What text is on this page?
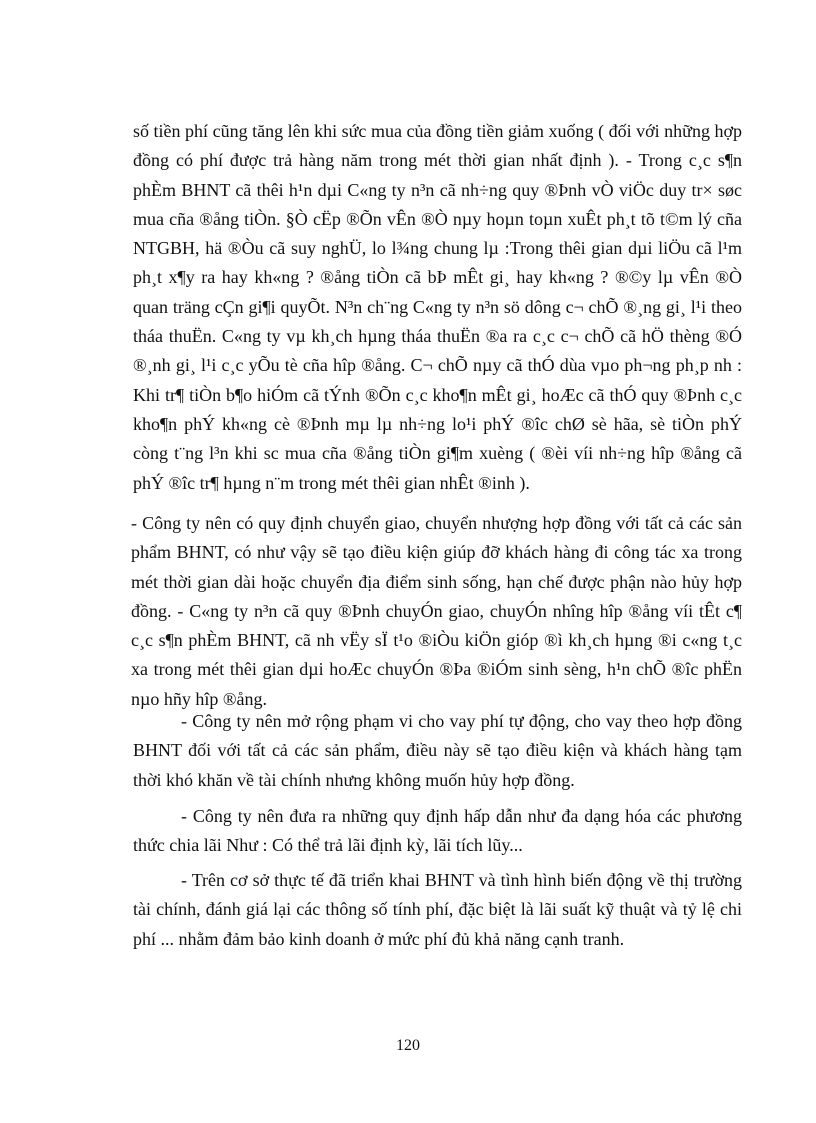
số tiền phí cũng tăng lên khi sức mua của đồng tiền giảm xuống ( đối với những hợp đồng có phí được trả hàng năm trong mét thời gian nhất định ). - Trong c¸c s¶n phÈm BHNT cã thêi h¹n dµi C«ng ty n³n cã nh÷ng quy ®Þnh vÒ viÖc duy tr× søc mua cña ®ång tiÒn. §Ò cËp ®Õn vÊn ®Ò nµy hoµn toµn xuÊt ph¸t tõ t©m lý cña NTGBH, hä ®Òu cã suy nghÜ, lo l¾ng chung lµ :Trong thêi gian dµi liÖu cã l¹m ph¸t x¶y ra hay kh«ng ? ®ång tiÒn cã bÞ mÊt gi¸ hay kh«ng ? ®©y lµ vÊn ®Ò quan träng cÇn gi¶i quyÕt. N³n ch¨ng C«ng ty n³n sö dông c¬ chÕ ®¸ng gi¸ l¹i theo tháa thuËn. C«ng ty vµ kh¸ch hµng tháa thuËn ®a ra c¸c c¬ chÕ cã hÖ thèng ®Ó ®¸nh gi¸ l¹i c¸c yÕu tè cña hîp ®ång. C¬ chÕ nµy cã thÓ dùa vµo ph¬ng ph¸p nh : Khi tr¶ tiÒn b¶o hiÓm cã tÝnh ®Õn c¸c kho¶n mÊt gi¸ hoÆc cã thÓ quy ®Þnh c¸c kho¶n phÝ kh«ng cè ®Þnh mµ lµ nh÷ng lo¹i phÝ ®îc chØ sè hãa, sè tiÒn phÝ còng t¨ng l³n khi sc mua cña ®ång tiÒn gi¶m xuèng ( ®èi víi nh÷ng hîp ®ång cã phÝ ®îc tr¶ hµng n¨m trong mét thêi gian nhÊt ®inh ).
- Công ty nên có quy định chuyển giao, chuyển nhượng hợp đồng với tất cả các sản phẩm BHNT, có như vậy sẽ tạo điều kiện giúp đỡ khách hàng đi công tác xa trong mét thời gian dài hoặc chuyển địa điểm sinh sống, hạn chế được phận nào hủy hợp đồng. - C«ng ty n³n cã quy ®Þnh chuyÓn giao, chuyÓn nhîng hîp ®ång víi tÊt c¶ c¸c s¶n phÈm BHNT, cã nh vËy sÏ t¹o ®iÒu kiÖn gióp ®ì kh¸ch hµng ®i c«ng t¸c xa trong mét thêi gian dµi hoÆc chuyÓn ®Þa ®iÓm sinh sèng, h¹n chÕ ®îc phËn nµo hñy hîp ®ång.
- Công ty nên mở rộng phạm vi cho vay phí tự động, cho vay theo hợp đồng BHNT đối với tất cả các sản phẩm, điều này sẽ tạo điều kiện và khách hàng tạm thời khó khăn về tài chính nhưng không muốn hủy hợp đồng.
- Công ty nên đưa ra những quy định hấp dẫn như đa dạng hóa các phương thức chia lãi Như : Có thể trả lãi định kỳ, lãi tích lũy...
- Trên cơ sở thực tế đã triển khai BHNT và tình hình biến động về thị trường tài chính, đánh giá lại các thông số tính phí, đặc biệt là lãi suất kỹ thuật và tỷ lệ chi phí ... nhằm đảm bảo kinh doanh ở mức phí đủ khả năng cạnh tranh.
120
